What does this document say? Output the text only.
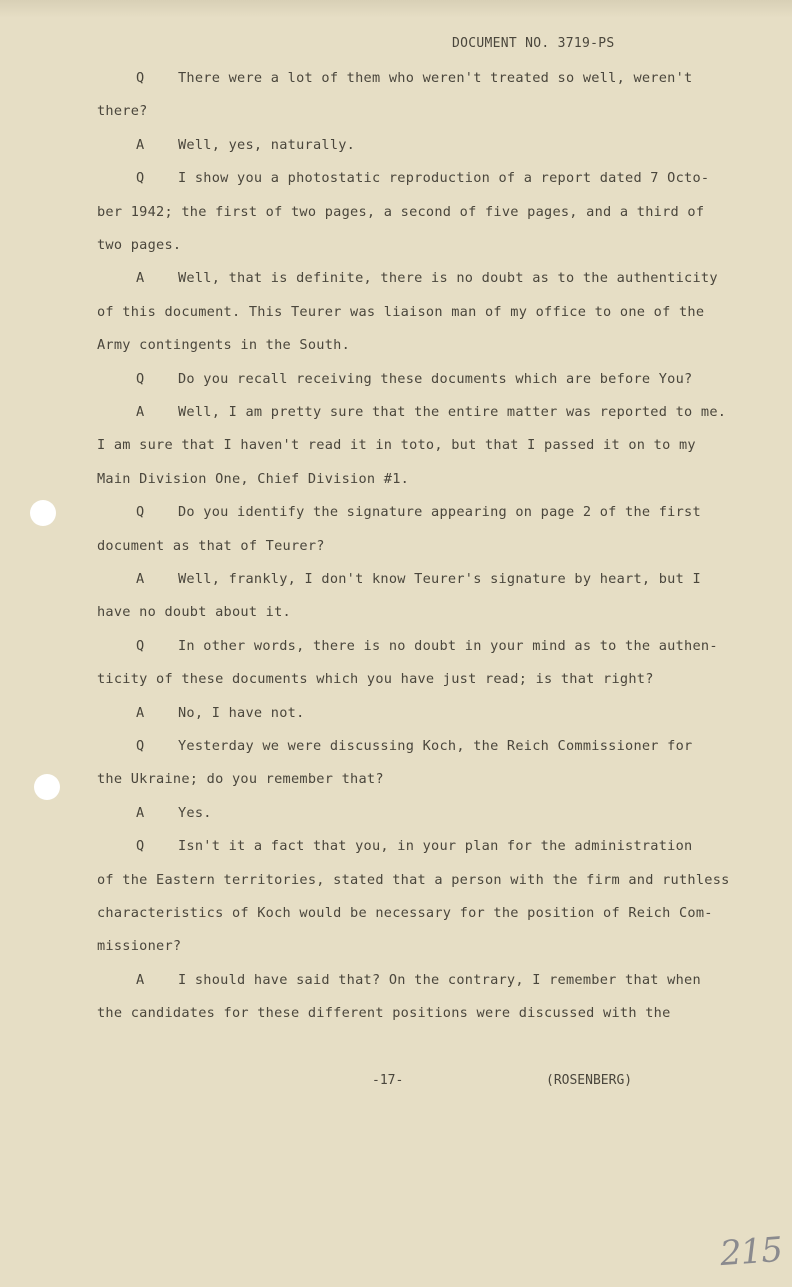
DOCUMENT NO. 3719-PS
Q There were a lot of them who weren't treated so well, weren't
there?
A Well, yes, naturally.
Q I show you a photostatic reproduction of a report dated 7 Octo-
ber 1942; the first of two pages, a second of five pages, and a third of
two pages.
A Well, that is definite, there is no doubt as to the authenticity
of this document. This Teurer was liaison man of my office to one of the
Army contingents in the South.
Q Do you recall receiving these documents which are before You?
A Well, I am pretty sure that the entire matter was reported to me.
I am sure that I haven't read it in toto, but that I passed it on to my
Main Division One, Chief Division #1.
Q Do you identify the signature appearing on page 2 of the first
document as that of Teurer?
A Well, frankly, I don't know Teurer's signature by heart, but I
have no doubt about it.
Q In other words, there is no doubt in your mind as to the authen-
ticity of these documents which you have just read; is that right?
A No, I have not.
Q Yesterday we were discussing Koch, the Reich Commissioner for
the Ukraine; do you remember that?
A Yes.
Q Isn't it a fact that you, in your plan for the administration
of the Eastern territories, stated that a person with the firm and ruthless
characteristics of Koch would be necessary for the position of Reich Com-
missioner?
A I should have said that? On the contrary, I remember that when
the candidates for these different positions were discussed with the
-17-	(ROSENBERG)
215
